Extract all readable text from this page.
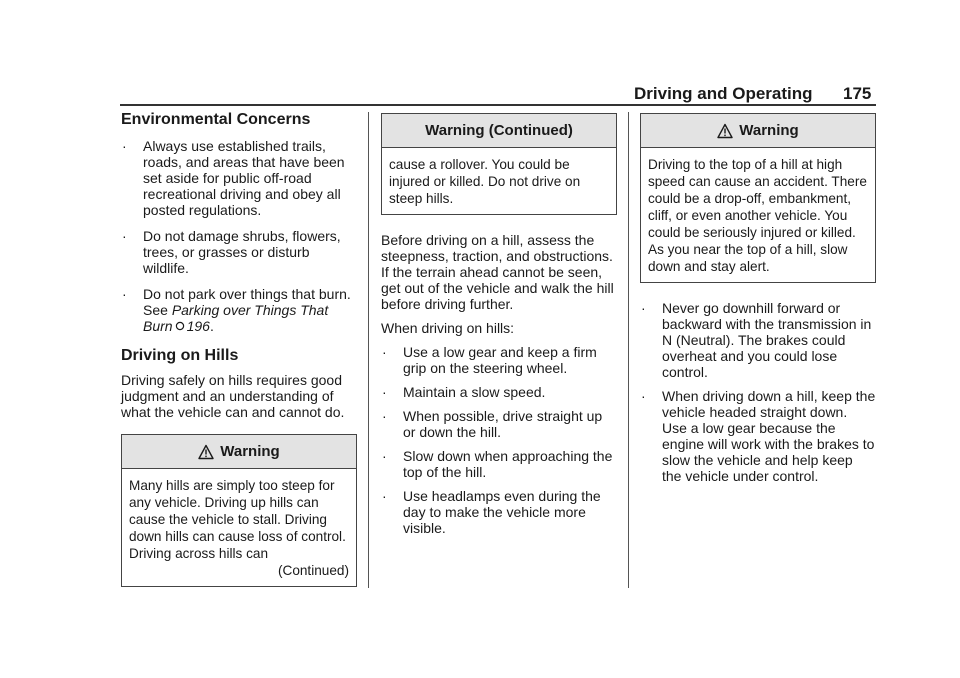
Driving and Operating 175
Environmental Concerns
· Always use established trails, roads, and areas that have been set aside for public off-road recreational driving and obey all posted regulations.
· Do not damage shrubs, flowers, trees, or grasses or disturb wildlife.
· Do not park over things that burn. See Parking over Things That Burn 196.
Driving on Hills

Driving safely on hills requires good judgment and an understanding of what the vehicle can and cannot do.

Warning
Many hills are simply too steep for any vehicle. Driving up hills can cause the vehicle to stall. Driving down hills can cause loss of control. Driving across hills can
(Continued)
Warning (Continued)
cause a rollover. You could be injured or killed. Do not drive on steep hills.

Before driving on a hill, assess the steepness, traction, and obstructions. If the terrain ahead cannot be seen, get out of the vehicle and walk the hill before driving further.

When driving on hills:

· Use a low gear and keep a firm grip on the steering wheel.
· Maintain a slow speed.
· When possible, drive straight up or down the hill.
· Slow down when approaching the top of the hill.
· Use headlamps even during the day to make the vehicle more visible.
Warning
Driving to the top of a hill at high speed can cause an accident. There could be a drop-off, embankment, cliff, or even another vehicle. You could be seriously injured or killed. As you near the top of a hill, slow down and stay alert.
· Never go downhill forward or backward with the transmission in N (Neutral). The brakes could overheat and you could lose control.
· When driving down a hill, keep the vehicle headed straight down. Use a low gear because the engine will work with the brakes to slow the vehicle and help keep the vehicle under control.
